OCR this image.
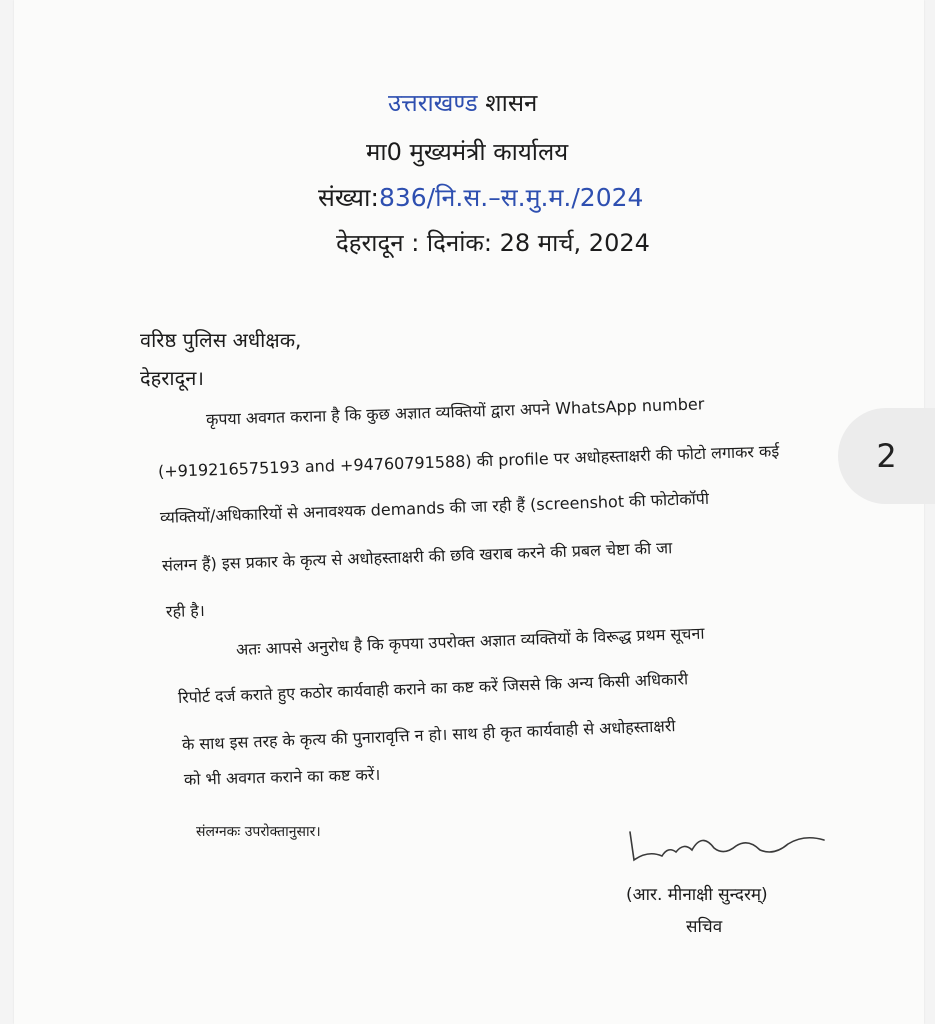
उत्तराखण्ड शासन
मा0 मुख्यमंत्री कार्यालय
संख्या:836/नि.स.–स.मु.म./2024
देहरादून : दिनांक: 28 मार्च, 2024
वरिष्ठ पुलिस अधीक्षक,
देहरादून।
कृपया अवगत कराना है कि कुछ अज्ञात व्यक्तियों द्वारा अपने WhatsApp number
(+919216575193 and +94760791588) की profile पर अधोहस्ताक्षरी की फोटो लगाकर कई
व्यक्तियों/अधिकारियों से अनावश्यक demands की जा रही हैं (screenshot की फोटोकॉपी
संलग्न हैं) इस प्रकार के कृत्य से अधोहस्ताक्षरी की छवि खराब करने की प्रबल चेष्टा की जा
रही है।
अतः आपसे अनुरोध है कि कृपया उपरोक्त अज्ञात व्यक्तियों के विरूद्ध प्रथम सूचना
रिपोर्ट दर्ज कराते हुए कठोर कार्यवाही कराने का कष्ट करें जिससे कि अन्य किसी अधिकारी
के साथ इस तरह के कृत्य की पुनारावृत्ति न हो। साथ ही कृत कार्यवाही से अधोहस्ताक्षरी
को भी अवगत कराने का कष्ट करें।
संलग्नकः उपरोक्तानुसार।
(आर. मीनाक्षी सुन्दरम्)
सचिव
2
